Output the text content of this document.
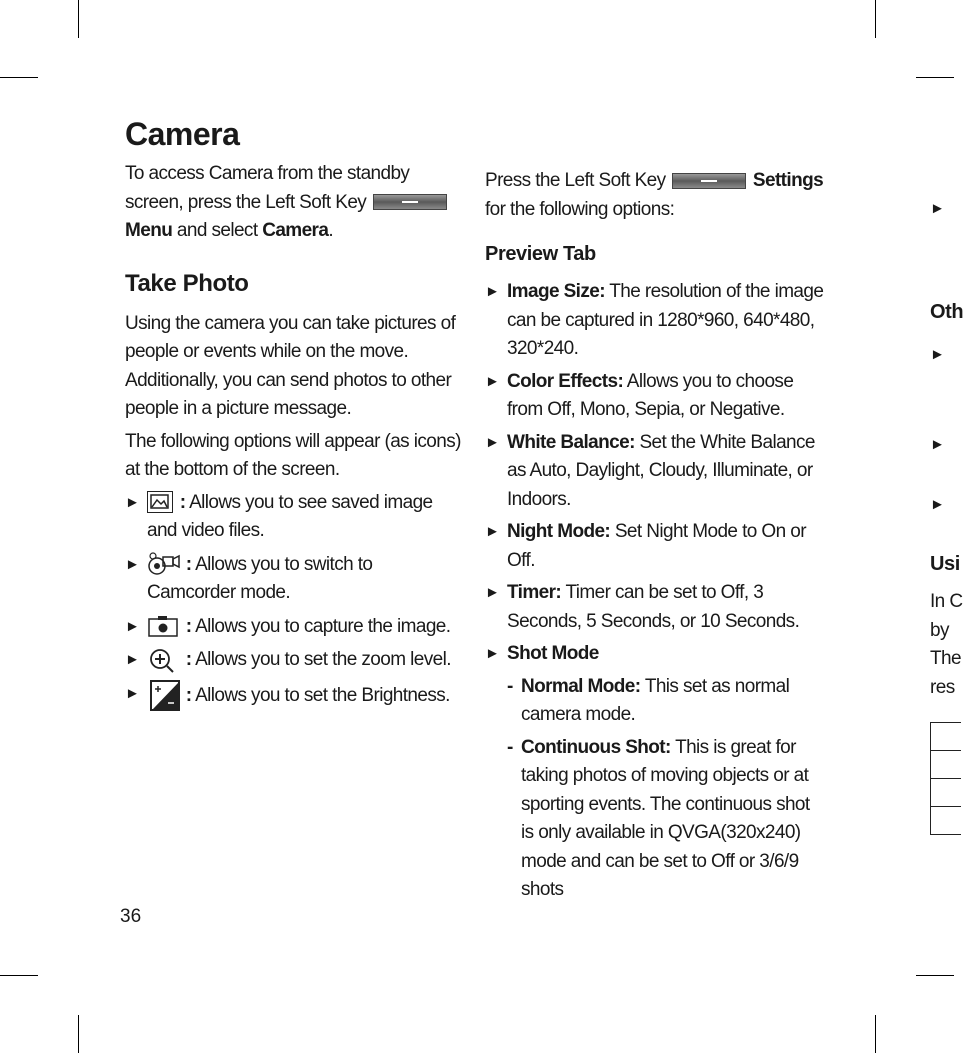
Camera

To access Camera from the standby screen, press the Left Soft Key  Menu and select Camera.

Take Photo

Using the camera you can take pictures of people or events while on the move. Additionally, you can send photos to other people in a picture message.

The following options will appear (as icons) at the bottom of the screen.

► : Allows you to see saved image and video files.
► : Allows you to switch to Camcorder mode.
► : Allows you to capture the image.
► : Allows you to set the zoom level.
► : Allows you to set the Brightness.

Press the Left Soft Key	Settings
for the following options:

Preview Tab
► Image Size: The resolution of the image can be captured in 1280*960, 640*480, 320*240.
► Color Effects: Allows you to choose from Off, Mono, Sepia, or Negative.
► White Balance: Set the White Balance as Auto, Daylight, Cloudy, Illuminate, or Indoors.
► Night Mode: Set Night Mode to On or Off.
► Timer: Timer can be set to Off, 3 Seconds, 5 Seconds, or 10 Seconds.
► Shot Mode
- Normal Mode: This set as normal camera mode.
- Continuous Shot: This is great for taking photos of moving objects or at sporting events. The continuous shot is only available in QVGA(320x240) mode and can be set to Off or 3/6/9 shots
►
Oth
►
►
►
Usi
In C
by
The
res
36
